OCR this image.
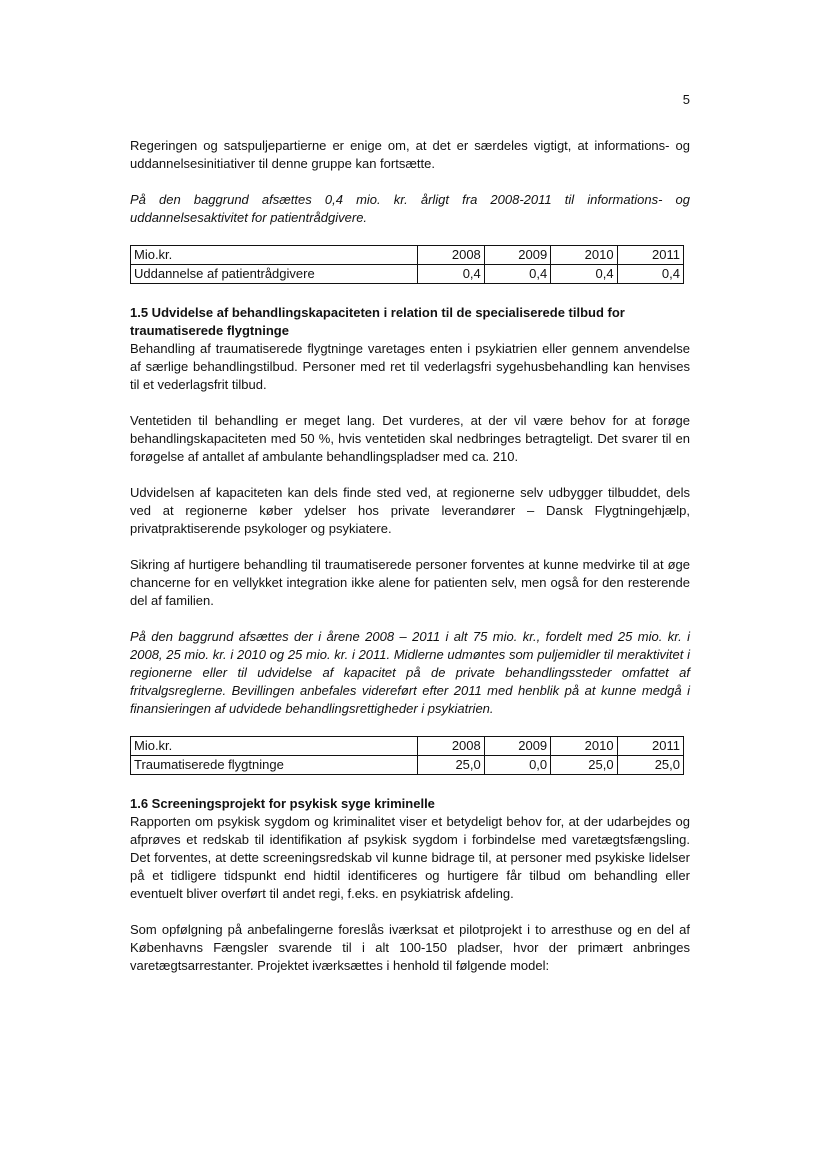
5

Regeringen og satspuljepartierne er enige om, at det er særdeles vigtigt, at informations- og uddannelsesinitiativer til denne gruppe kan fortsætte.

På den baggrund afsættes 0,4 mio. kr. årligt fra 2008-2011 til informations- og uddannelsesaktivitet for patientrådgivere.

Mio.kr.	2008	2009	2010	2011
Uddannelse af patientrådgivere	0,4	0,4	0,4	0,4
1.5 Udvidelse af behandlingskapaciteten i relation til de specialiserede tilbud for traumatiserede flygtninge

Behandling af traumatiserede flygtninge varetages enten i psykiatrien eller gennem anvendelse af særlige behandlingstilbud. Personer med ret til vederlagsfri sygehusbehandling kan henvises til et vederlagsfrit tilbud.

Ventetiden til behandling er meget lang. Det vurderes, at der vil være behov for at forøge behandlingskapaciteten med 50 %, hvis ventetiden skal nedbringes betragteligt. Det svarer til en forøgelse af antallet af ambulante behandlingspladser med ca. 210.

Udvidelsen af kapaciteten kan dels finde sted ved, at regionerne selv udbygger tilbuddet, dels ved at regionerne køber ydelser hos private leverandører – Dansk Flygtningehjælp, privatpraktiserende psykologer og psykiatere.

Sikring af hurtigere behandling til traumatiserede personer forventes at kunne medvirke til at øge chancerne for en vellykket integration ikke alene for patienten selv, men også for den resterende del af familien.

På den baggrund afsættes der i årene 2008 – 2011 i alt 75 mio. kr., fordelt med 25 mio. kr. i 2008, 25 mio. kr. i 2010 og 25 mio. kr. i 2011. Midlerne udmøntes som puljemidler til meraktivitet i regionerne eller til udvidelse af kapacitet på de private behandlingssteder omfattet af fritvalgsreglerne. Bevillingen anbefales videreført efter 2011 med henblik på at kunne medgå i finansieringen af udvidede behandlingsrettigheder i psykiatrien.

Mio.kr.	2008	2009	2010	2011
Traumatiserede flygtninge	25,0	0,0	25,0	25,0
1.6 Screeningsprojekt for psykisk syge kriminelle

Rapporten om psykisk sygdom og kriminalitet viser et betydeligt behov for, at der udarbejdes og afprøves et redskab til identifikation af psykisk sygdom i forbindelse med varetægtsfængsling. Det forventes, at dette screeningsredskab vil kunne bidrage til, at personer med psykiske lidelser på et tidligere tidspunkt end hidtil identificeres og hurtigere får tilbud om behandling eller eventuelt bliver overført til andet regi, f.eks. en psykiatrisk afdeling.

Som opfølgning på anbefalingerne foreslås iværksat et pilotprojekt i to arresthuse og en del af Københavns Fængsler svarende til i alt 100-150 pladser, hvor der primært anbringes varetægtsarrestanter. Projektet iværksættes i henhold til følgende model:
